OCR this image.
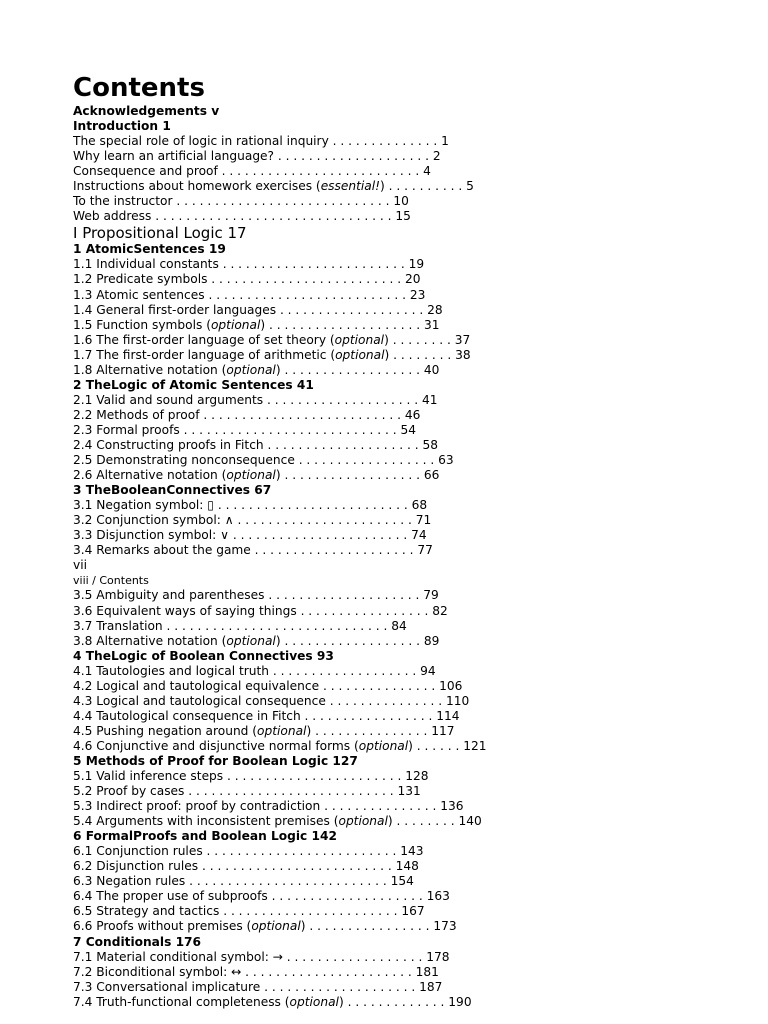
Contents
Acknowledgements v
Introduction 1
The special role of logic in rational inquiry . . . . . . . . . . . . . . 1
Why learn an artificial language? . . . . . . . . . . . . . . . . . . . . 2
Consequence and proof . . . . . . . . . . . . . . . . . . . . . . . . . . 4
Instructions about homework exercises (essential!) . . . . . . . . . . 5
To the instructor . . . . . . . . . . . . . . . . . . . . . . . . . . . . 10
Web address . . . . . . . . . . . . . . . . . . . . . . . . . . . . . . . 15
I Propositional Logic 17
1 AtomicSentences 19
1.1 Individual constants . . . . . . . . . . . . . . . . . . . . . . . . 19
1.2 Predicate symbols . . . . . . . . . . . . . . . . . . . . . . . . . 20
1.3 Atomic sentences . . . . . . . . . . . . . . . . . . . . . . . . . . 23
1.4 General first-order languages . . . . . . . . . . . . . . . . . . . 28
1.5 Function symbols (optional) . . . . . . . . . . . . . . . . . . . . 31
1.6 The first-order language of set theory (optional) . . . . . . . . 37
1.7 The first-order language of arithmetic (optional) . . . . . . . . 38
1.8 Alternative notation (optional) . . . . . . . . . . . . . . . . . . 40
2 TheLogic of Atomic Sentences 41
2.1 Valid and sound arguments . . . . . . . . . . . . . . . . . . . . 41
2.2 Methods of proof . . . . . . . . . . . . . . . . . . . . . . . . . . 46
2.3 Formal proofs . . . . . . . . . . . . . . . . . . . . . . . . . . . . 54
2.4 Constructing proofs in Fitch . . . . . . . . . . . . . . . . . . . . 58
2.5 Demonstrating nonconsequence . . . . . . . . . . . . . . . . . . 63
2.6 Alternative notation (optional) . . . . . . . . . . . . . . . . . . 66
3 TheBooleanConnectives 67
3.1 Negation symbol: ▯ . . . . . . . . . . . . . . . . . . . . . . . . . 68
3.2 Conjunction symbol: ∧ . . . . . . . . . . . . . . . . . . . . . . . 71
3.3 Disjunction symbol: ∨ . . . . . . . . . . . . . . . . . . . . . . . 74
3.4 Remarks about the game . . . . . . . . . . . . . . . . . . . . . 77
vii
viii / Contents
3.5 Ambiguity and parentheses . . . . . . . . . . . . . . . . . . . . 79
3.6 Equivalent ways of saying things . . . . . . . . . . . . . . . . . 82
3.7 Translation . . . . . . . . . . . . . . . . . . . . . . . . . . . . . 84
3.8 Alternative notation (optional) . . . . . . . . . . . . . . . . . . 89
4 TheLogic of Boolean Connectives 93
4.1 Tautologies and logical truth . . . . . . . . . . . . . . . . . . . 94
4.2 Logical and tautological equivalence . . . . . . . . . . . . . . . 106
4.3 Logical and tautological consequence . . . . . . . . . . . . . . . 110
4.4 Tautological consequence in Fitch . . . . . . . . . . . . . . . . . 114
4.5 Pushing negation around (optional) . . . . . . . . . . . . . . . 117
4.6 Conjunctive and disjunctive normal forms (optional) . . . . . . 121
5 Methods of Proof for Boolean Logic 127
5.1 Valid inference steps . . . . . . . . . . . . . . . . . . . . . . . 128
5.2 Proof by cases . . . . . . . . . . . . . . . . . . . . . . . . . . . 131
5.3 Indirect proof: proof by contradiction . . . . . . . . . . . . . . . 136
5.4 Arguments with inconsistent premises (optional) . . . . . . . . 140
6 FormalProofs and Boolean Logic 142
6.1 Conjunction rules . . . . . . . . . . . . . . . . . . . . . . . . . 143
6.2 Disjunction rules . . . . . . . . . . . . . . . . . . . . . . . . . 148
6.3 Negation rules . . . . . . . . . . . . . . . . . . . . . . . . . . 154
6.4 The proper use of subproofs . . . . . . . . . . . . . . . . . . . . 163
6.5 Strategy and tactics . . . . . . . . . . . . . . . . . . . . . . . 167
6.6 Proofs without premises (optional) . . . . . . . . . . . . . . . . 173
7 Conditionals 176
7.1 Material conditional symbol: → . . . . . . . . . . . . . . . . . . 178
7.2 Biconditional symbol: ↔ . . . . . . . . . . . . . . . . . . . . . . 181
7.3 Conversational implicature . . . . . . . . . . . . . . . . . . . . 187
7.4 Truth-functional completeness (optional) . . . . . . . . . . . . . 190
